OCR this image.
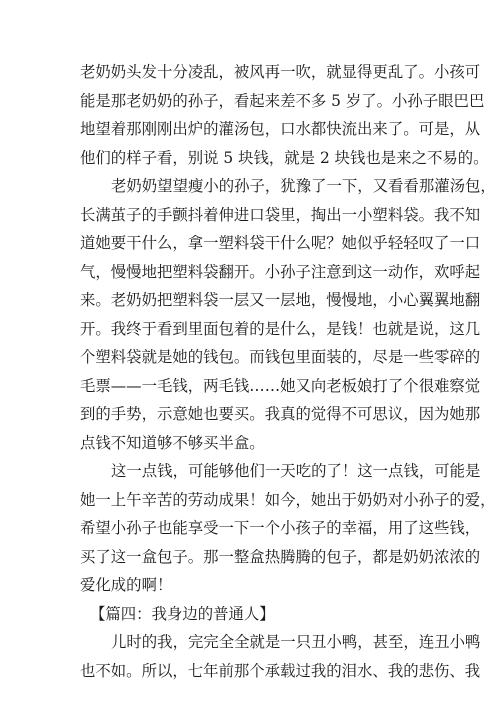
老奶奶头发十分凌乱，被风再一吹，就显得更乱了。小孩可
能是那老奶奶的孙子，看起来差不多 5 岁了。小孙子眼巴巴
地望着那刚刚出炉的灌汤包，口水都快流出来了。可是，从
他们的样子看，别说 5 块钱，就是 2 块钱也是来之不易的。
老奶奶望望瘦小的孙子，犹豫了一下，又看看那灌汤包，
长满茧子的手颤抖着伸进口袋里，掏出一小塑料袋。我不知
道她要干什么，拿一塑料袋干什么呢？她似乎轻轻叹了一口
气，慢慢地把塑料袋翻开。小孙子注意到这一动作，欢呼起
来。老奶奶把塑料袋一层又一层地，慢慢地，小心翼翼地翻
开。我终于看到里面包着的是什么，是钱！也就是说，这几
个塑料袋就是她的钱包。而钱包里面装的，尽是一些零碎的
毛票——一毛钱，两毛钱……她又向老板娘打了个很难察觉
到的手势，示意她也要买。我真的觉得不可思议，因为她那
点钱不知道够不够买半盒。
这一点钱，可能够他们一天吃的了！这一点钱，可能是
她一上午辛苦的劳动成果！如今，她出于奶奶对小孙子的爱，
希望小孙子也能享受一下一个小孩子的幸福，用了这些钱，
买了这一盒包子。那一整盒热腾腾的包子，都是奶奶浓浓的
爱化成的啊！
【篇四：我身边的普通人】
儿时的我，完完全全就是一只丑小鸭，甚至，连丑小鸭
也不如。所以，七年前那个承载过我的泪水、我的悲伤、我
